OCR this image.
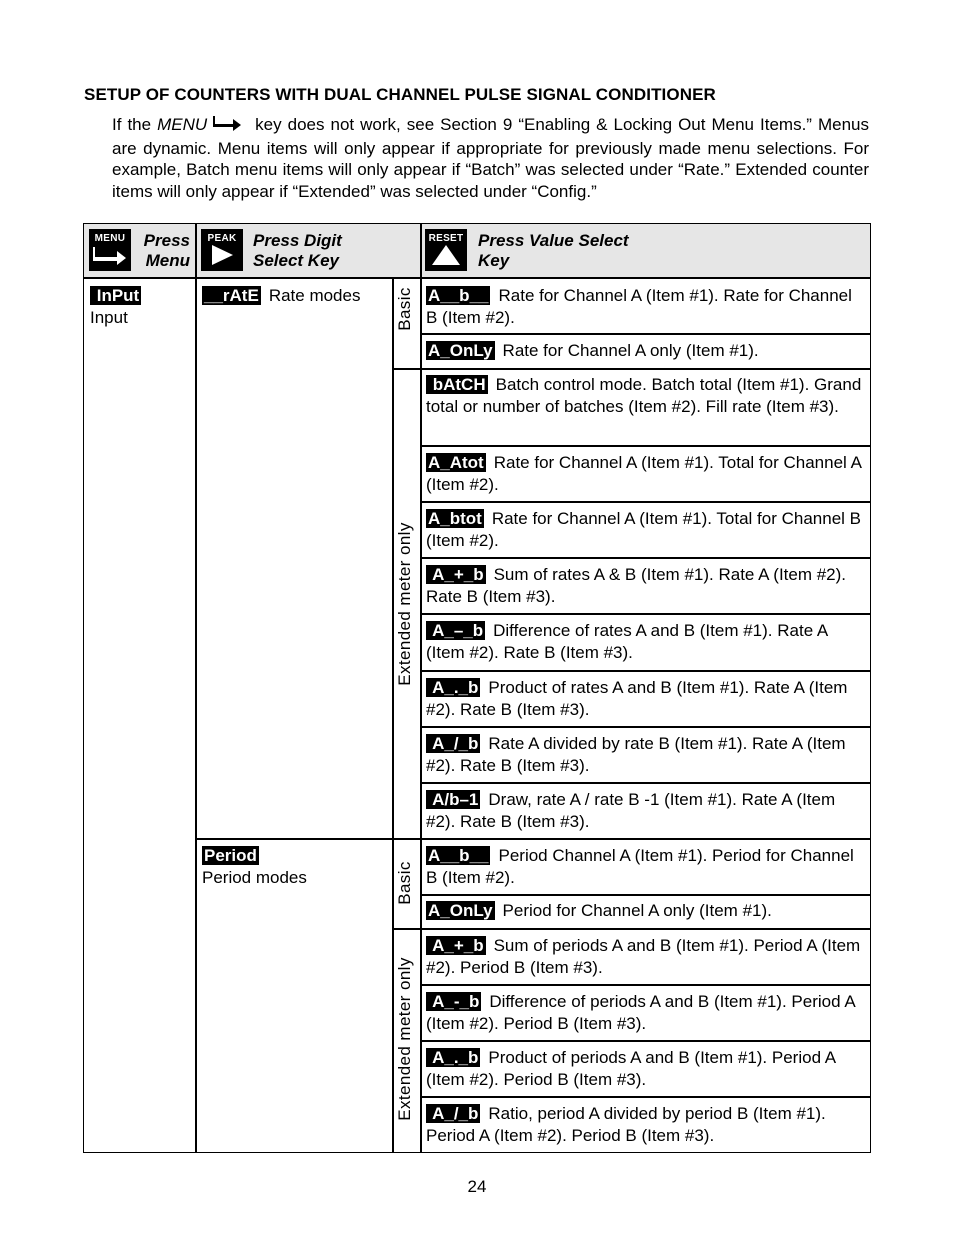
SETUP OF COUNTERS WITH DUAL CHANNEL PULSE SIGNAL CONDITIONER
If the MENU key does not work, see Section 9 “Enabling & Locking Out Menu Items.” Menus are dynamic. Menu items will only appear if appropriate for previously made menu selections. For example, Batch menu items will only appear if “Batch” was selected under “Rate.” Extended counter items will only appear if “Extended” was selected under “Config.”
MENU	Press
Menu
PEAK Press Digit
Select Key
RESET Press Value Select
Key
InPut
Input
__rAtE Rate modes
Period
Period modes
Basic
Extended meter only
Basic
Extended meter only
A__b__ Rate for Channel A (Item #1). Rate for Channel B (Item #2).
A_OnLy Rate for Channel A only (Item #1).
bAtCH Batch control mode. Batch total (Item #1). Grand total or number of batches (Item #2). Fill rate (Item #3).
A_Atot Rate for Channel A (Item #1). Total for Channel A (Item #2).
A_btot Rate for Channel A (Item #1). Total for Channel B (Item #2).
A_+_b Sum of rates A & B (Item #1). Rate A (Item #2). Rate B (Item #3).
A_–_b Difference of rates A and B (Item #1). Rate A (Item #2). Rate B (Item #3).
A_._b Product of rates A and B (Item #1). Rate A (Item #2). Rate B (Item #3).
A_/_b Rate A divided by rate B (Item #1). Rate A (Item #2). Rate B (Item #3).
A/b–1 Draw, rate A / rate B -1 (Item #1). Rate A (Item #2). Rate B (Item #3).
A__b__ Period Channel A (Item #1). Period for Channel B (Item #2).
A_OnLy Period for Channel A only (Item #1).
A_+_b Sum of periods A and B (Item #1). Period A (Item #2). Period B (Item #3).
A_-_b Difference of periods A and B (Item #1). Period A (Item #2). Period B (Item #3).
A_._b Product of periods A and B (Item #1). Period A (Item #2). Period B (Item #3).
A_/_b Ratio, period A divided by period B (Item #1). Period A (Item #2). Period B (Item #3).
24
